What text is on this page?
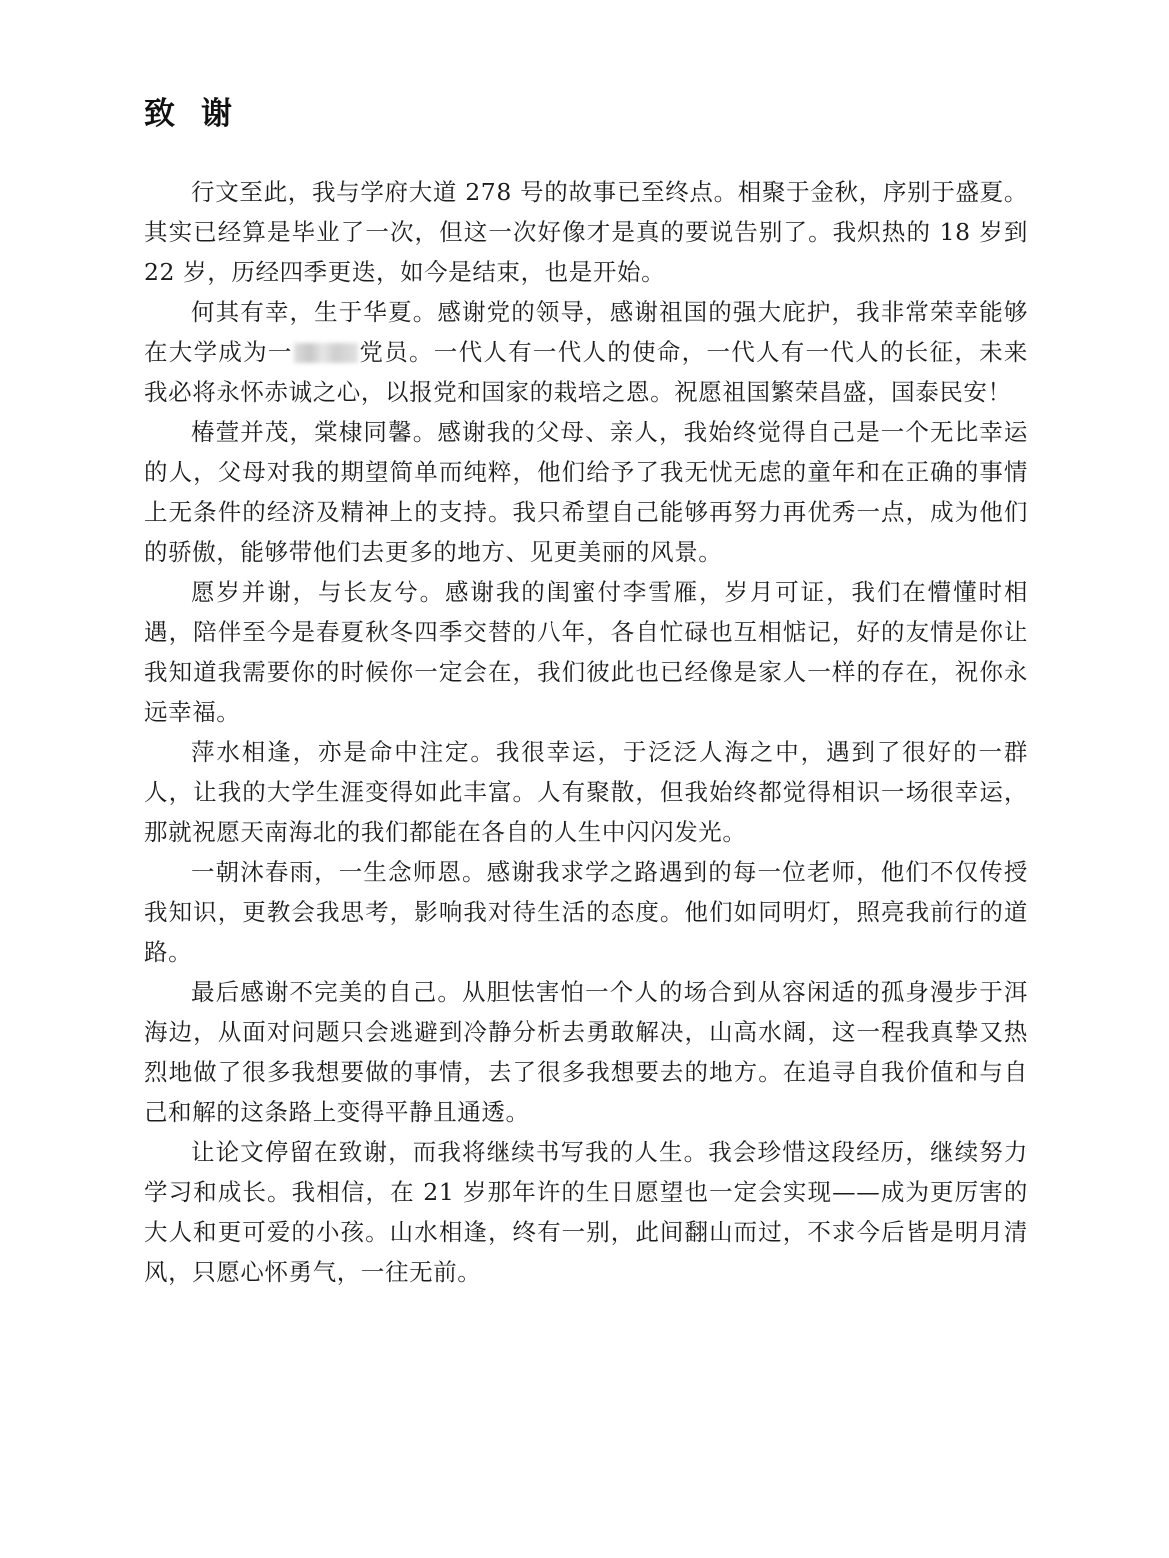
致谢

行文至此，我与学府大道 278 号的故事已至终点。相聚于金秋，序别于盛夏。其实已经算是毕业了一次，但这一次好像才是真的要说告别了。我炽热的 18 岁到 22 岁，历经四季更迭，如今是结束，也是开始。

何其有幸，生于华夏。感谢党的领导，感谢祖国的强大庇护，我非常荣幸能够在大学成为一	党员。一代人有一代人的使命，一代人有一代人的长征，未来我必将永怀赤诚之心，以报党和国家的栽培之恩。祝愿祖国繁荣昌盛，国泰民安！

椿萱并茂，棠棣同馨。感谢我的父母、亲人，我始终觉得自己是一个无比幸运的人，父母对我的期望简单而纯粹，他们给予了我无忧无虑的童年和在正确的事情上无条件的经济及精神上的支持。我只希望自己能够再努力再优秀一点，成为他们的骄傲，能够带他们去更多的地方、见更美丽的风景。

愿岁并谢，与长友兮。感谢我的闺蜜付李雪雁，岁月可证，我们在懵懂时相遇，陪伴至今是春夏秋冬四季交替的八年，各自忙碌也互相惦记，好的友情是你让我知道我需要你的时候你一定会在，我们彼此也已经像是家人一样的存在，祝你永远幸福。

萍水相逢，亦是命中注定。我很幸运，于泛泛人海之中，遇到了很好的一群人，让我的大学生涯变得如此丰富。人有聚散，但我始终都觉得相识一场很幸运，那就祝愿天南海北的我们都能在各自的人生中闪闪发光。

一朝沐春雨，一生念师恩。感谢我求学之路遇到的每一位老师，他们不仅传授我知识，更教会我思考，影响我对待生活的态度。他们如同明灯，照亮我前行的道路。

最后感谢不完美的自己。从胆怯害怕一个人的场合到从容闲适的孤身漫步于洱海边，从面对问题只会逃避到冷静分析去勇敢解决，山高水阔，这一程我真挚又热烈地做了很多我想要做的事情，去了很多我想要去的地方。在追寻自我价值和与自己和解的这条路上变得平静且通透。

让论文停留在致谢，而我将继续书写我的人生。我会珍惜这段经历，继续努力学习和成长。我相信，在 21 岁那年许的生日愿望也一定会实现——成为更厉害的大人和更可爱的小孩。山水相逢，终有一别，此间翻山而过，不求今后皆是明月清风，只愿心怀勇气，一往无前。
